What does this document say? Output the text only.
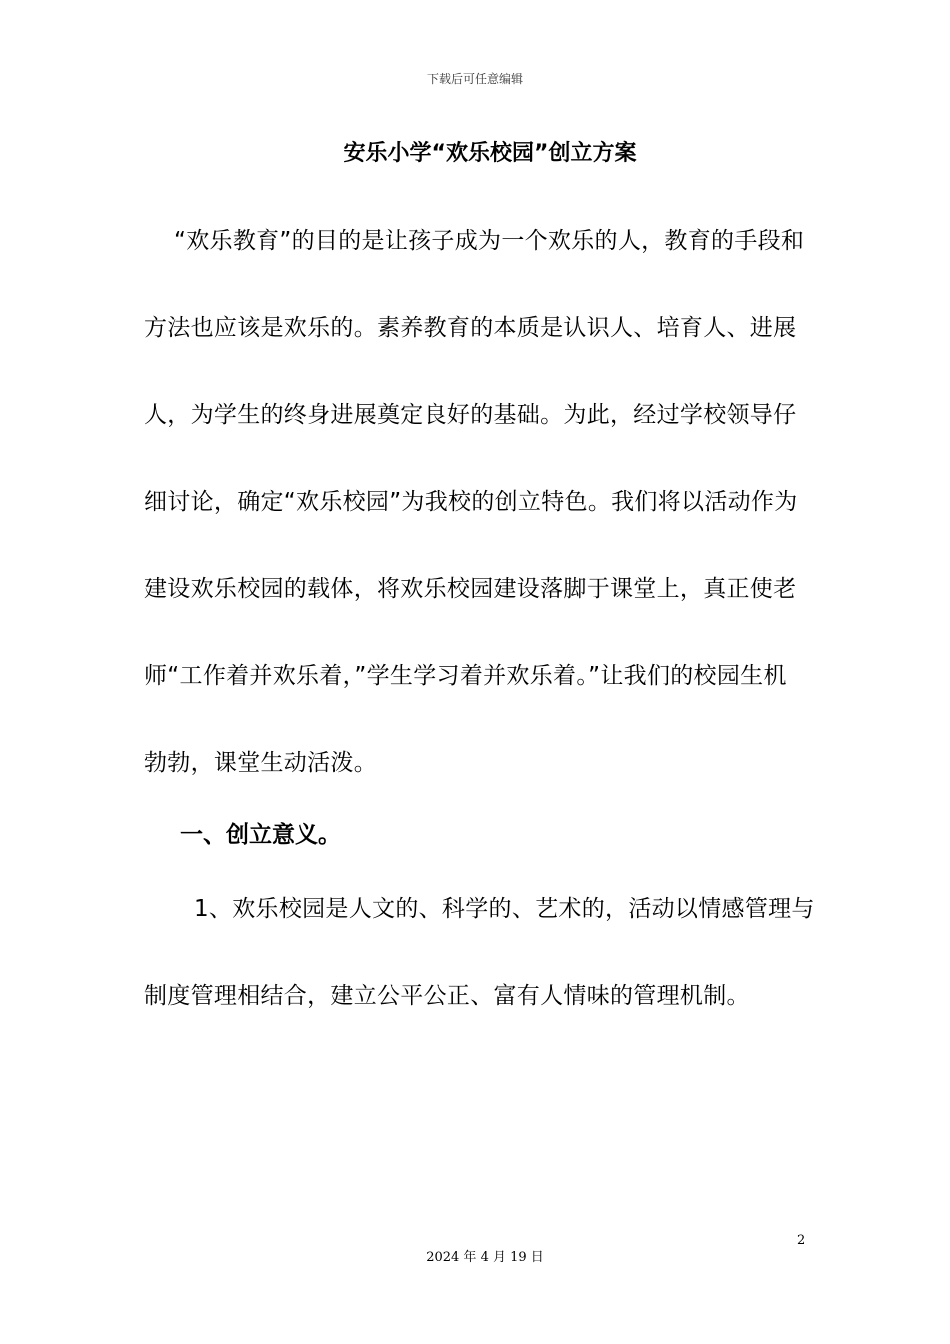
下载后可任意编辑
安乐小学“欢乐校园”创立方案
“欢乐教育”的目的是让孩子成为一个欢乐的人，教育的手段和
方法也应该是欢乐的。素养教育的本质是认识人、培育人、进展
人，为学生的终身进展奠定良好的基础。为此，经过学校领导仔
细讨论，确定“欢乐校园”为我校的创立特色。我们将以活动作为
建设欢乐校园的载体，将欢乐校园建设落脚于课堂上，真正使老
师“工作着并欢乐着，”学生学习着并欢乐着。”让我们的校园生机
勃勃，课堂生动活泼。
一、创立意义。
1、欢乐校园是人文的、科学的、艺术的，活动以情感管理与
制度管理相结合，建立公平公正、富有人情味的管理机制。
2
2024 年 4 月 19 日
